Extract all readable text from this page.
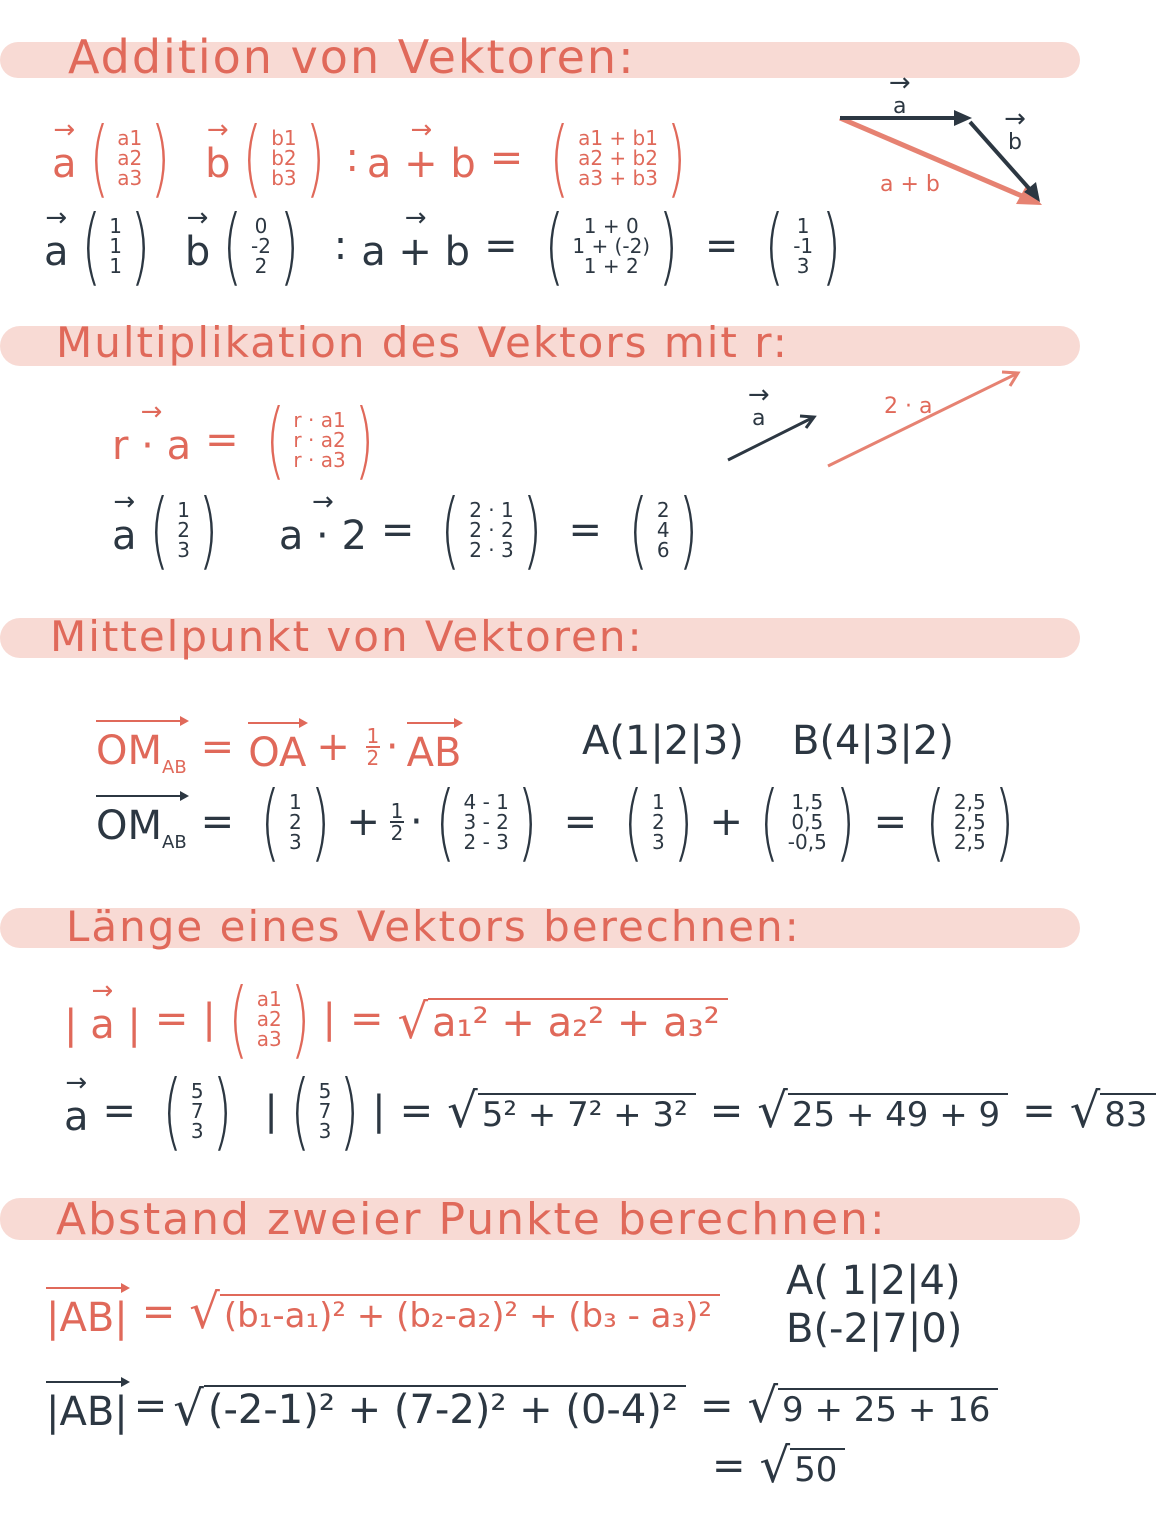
Addition von Vektoren:
→ a ( a1
a2
a3 ) → b ( b1
b2
b3 ) : → a + b = ( a1 + b1
a2 + b2
a3 + b3 )
→ a ( 1
1
1 ) → b ( 0
-2
2 ) : → a + b = ( 1 + 0
1 + (-2)
1 + 2 ) = ( 1
-1
3 )
→ a
→ b
a + b
Multiplikation des Vektors mit r:
→ r · a = ( r · a1
r · a2
r · a3 )
→ a ( 1
2
3 ) → a · 2 = ( 2 · 1
2 · 2
2 · 3 ) = ( 2
4
6 )
→ a	2 · a
Mittelpunkt von Vektoren:
$OM_{AB}$ = OA + $\frac{1}{2}$ · AB	A(1|2|3) B(4|3|2)
$OM_{AB}$ = ( 1
2
3 ) + $\frac{1}{2}$ · ( 4 - 1
3 - 2
2 - 3 ) = ( 1
2
3 ) + ( 1,5
0,5
-0,5 ) = ( 2,5
2,5
2,5 )
Länge eines Vektors berechnen:
→ | a | = | ( a1
a2
a3 ) | = √ a₁² + a₂² + a₃²
→ a = ( 5
7
3 ) | ( 5
7
3 ) | = √ 5² + 7² + 3² = √ 25 + 49 + 9 = √ 83
Abstand zweier Punkte berechnen:
|AB| = √ (b₁-a₁)² + (b₂-a₂)² + (b₃ - a₃)²
A( 1|2|4)
B(-2|7|0)
|AB| = √ (-2-1)² + (7-2)² + (0-4)² = √ 9 + 25 + 16
= √ 50
